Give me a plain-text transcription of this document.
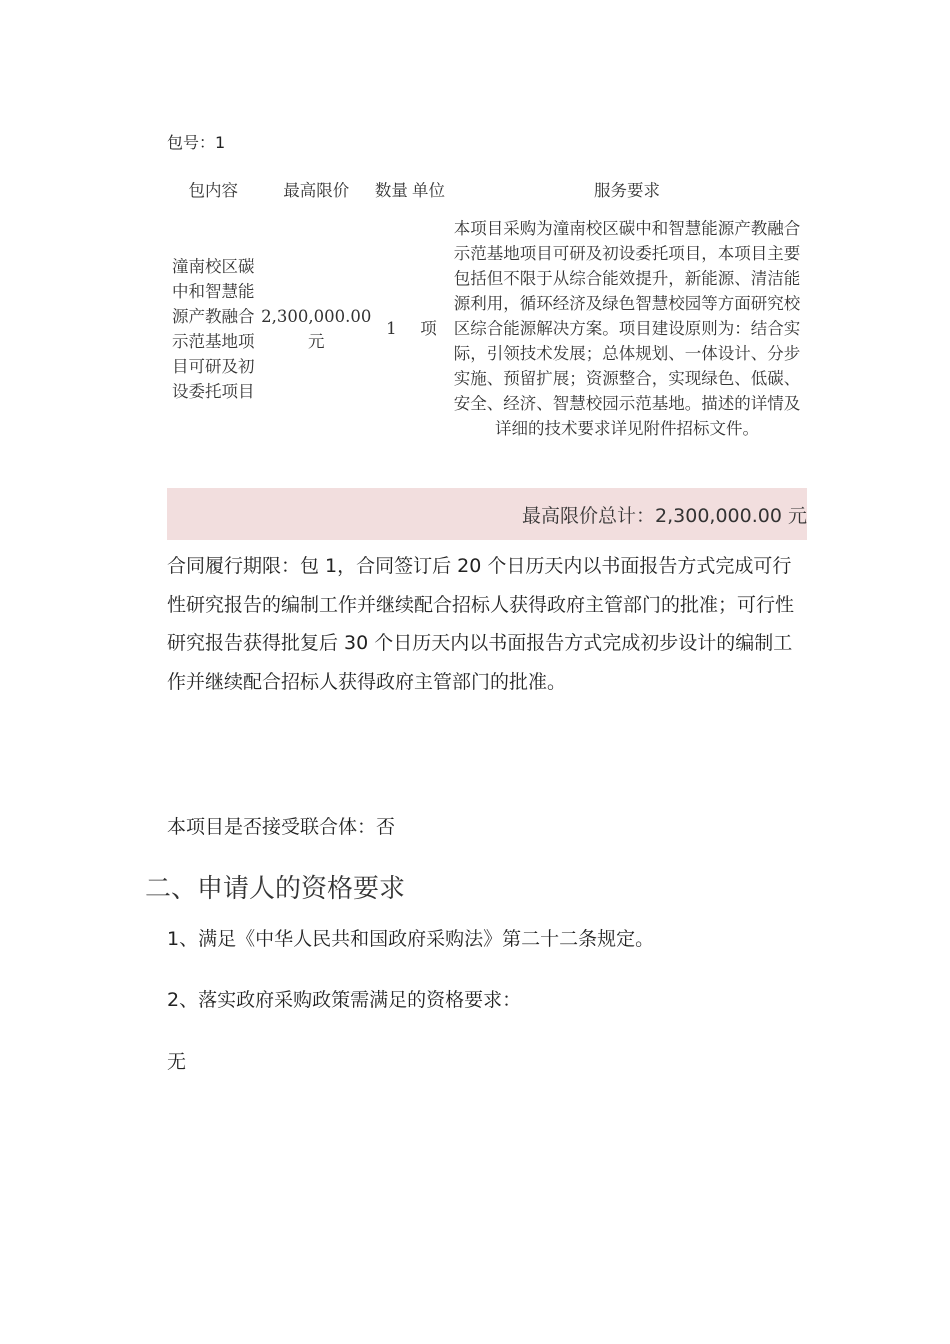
包号：1
包内容	最高限价	数量	单位	服务要求
潼南校区碳中和智慧能源产教融合示范基地项目可研及初设委托项目	2,300,000.00元	1	项	本项目采购为潼南校区碳中和智慧能源产教融合示范基地项目可研及初设委托项目，本项目主要包括但不限于从综合能效提升，新能源、清洁能源利用，循环经济及绿色智慧校园等方面研究校区综合能源解决方案。项目建设原则为：结合实际，引领技术发展；总体规划、一体设计、分步实施、预留扩展；资源整合，实现绿色、低碳、安全、经济、智慧校园示范基地。描述的详情及详细的技术要求详见附件招标文件。
最高限价总计：2,300,000.00 元
合同履行期限：包 1，合同签订后 20 个日历天内以书面报告方式完成可行性研究报告的编制工作并继续配合招标人获得政府主管部门的批准；可行性研究报告获得批复后 30 个日历天内以书面报告方式完成初步设计的编制工作并继续配合招标人获得政府主管部门的批准。
本项目是否接受联合体：否
二、申请人的资格要求
1、满足《中华人民共和国政府采购法》第二十二条规定。
2、落实政府采购政策需满足的资格要求：
无
